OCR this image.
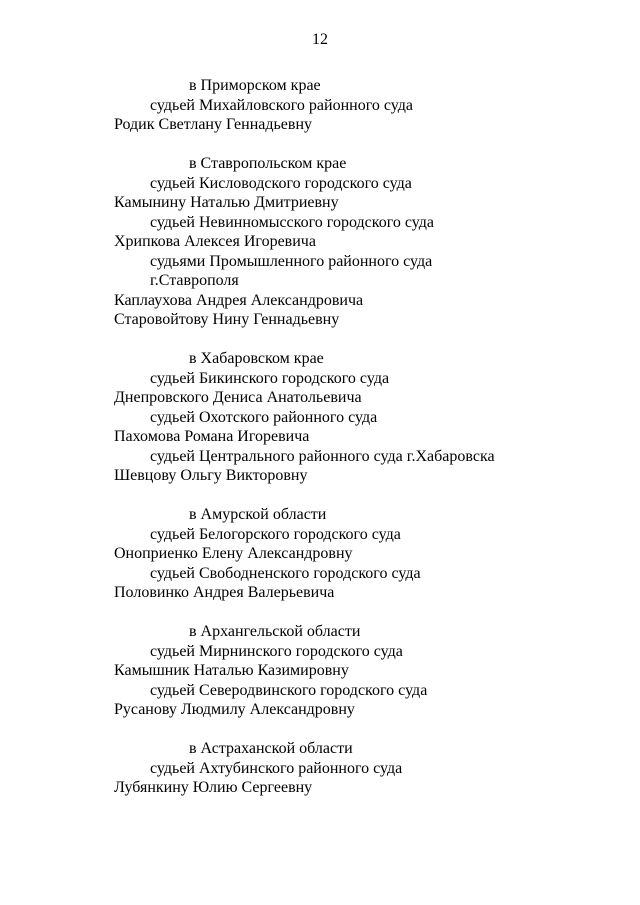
12
в Приморском крае
судьей Михайловского районного суда
Родик Светлану Геннадьевну
в Ставропольском крае
судьей Кисловодского городского суда
Камынину Наталью Дмитриевну
судьей Невинномысского городского суда
Хрипкова Алексея Игоревича
судьями Промышленного районного суда
г.Ставрополя
Каплаухова Андрея Александровича
Старовойтову Нину Геннадьевну
в Хабаровском крае
судьей Бикинского городского суда
Днепровского Дениса Анатольевича
судьей Охотского районного суда
Пахомова Романа Игоревича
судьей Центрального районного суда г.Хабаровска
Шевцову Ольгу Викторовну
в Амурской области
судьей Белогорского городского суда
Оноприенко Елену Александровну
судьей Свободненского городского суда
Половинко Андрея Валерьевича
в Архангельской области
судьей Мирнинского городского суда
Камышник Наталью Казимировну
судьей Северодвинского городского суда
Русанову Людмилу Александровну
в Астраханской области
судьей Ахтубинского районного суда
Лубянкину Юлию Сергеевну
